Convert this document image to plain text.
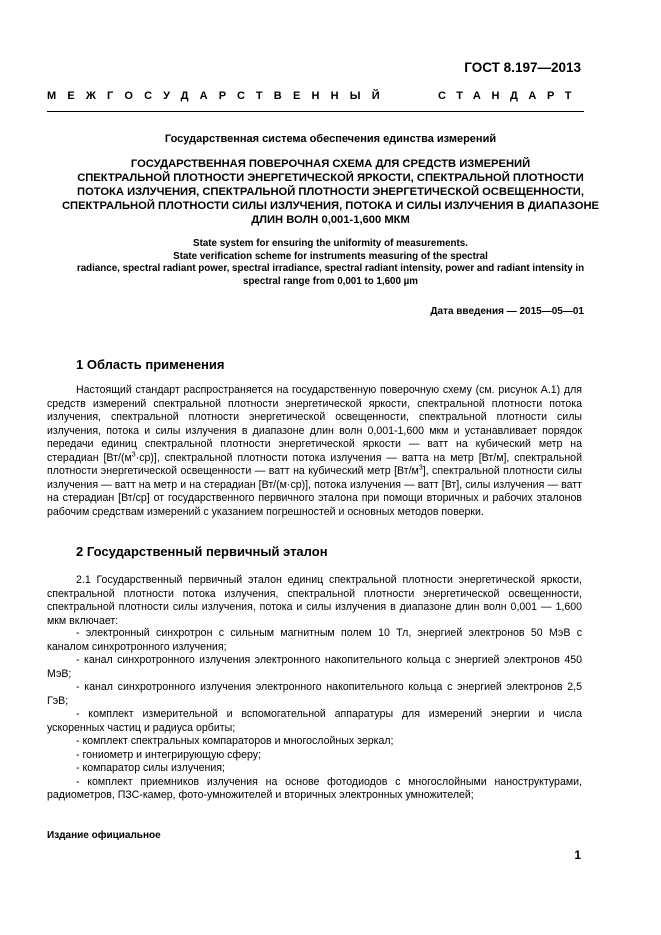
ГОСТ 8.197—2013
МЕЖГОСУДАРСТВЕННЫЙ	СТАНДАРТ
Государственная система обеспечения единства измерений
ГОСУДАРСТВЕННАЯ ПОВЕРОЧНАЯ СХЕМА ДЛЯ СРЕДСТВ ИЗМЕРЕНИЙ
СПЕКТРАЛЬНОЙ ПЛОТНОСТИ ЭНЕРГЕТИЧЕСКОЙ ЯРКОСТИ, СПЕКТРАЛЬНОЙ ПЛОТНОСТИ
ПОТОКА ИЗЛУЧЕНИЯ, СПЕКТРАЛЬНОЙ ПЛОТНОСТИ ЭНЕРГЕТИЧЕСКОЙ ОСВЕЩЕННОСТИ,
СПЕКТРАЛЬНОЙ ПЛОТНОСТИ СИЛЫ ИЗЛУЧЕНИЯ, ПОТОКА И СИЛЫ ИЗЛУЧЕНИЯ В ДИАПАЗОНЕ
ДЛИН ВОЛН 0,001-1,600 МКМ
State system for ensuring the uniformity of measurements.
State verification scheme for instruments measuring of the spectral
radiance, spectral radiant power, spectral irradiance, spectral radiant intensity, power and radiant intensity in
spectral range from 0,001 to 1,600 µm
Дата введения — 2015—05—01
1 Область применения
Настоящий стандарт распространяется на государственную поверочную схему (см. рисунок А.1) для средств измерений спектральной плотности энергетической яркости, спектральной плотности потока излучения, спектральной плотности энергетической освещенности, спектральной плотности силы излучения, потока и силы излучения в диапазоне длин волн 0,001-1,600 мкм и устанавливает порядок передачи единиц спектральной плотности энергетической яркости — ватт на кубический метр на стерадиан $[Вт/(м^3\cdot ср)]$, спектральной плотности потока излучения — ватта на метр [Вт/м], спектральной плотности энергетической освещенности — ватт на кубический метр $[Вт/м^3]$, спектральной плотности силы излучения — ватт на метр и на стерадиан [Вт/(м·ср)], потока излучения — ватт [Вт], силы излучения — ватт на стерадиан [Вт/ср] от государственного первичного эталона при помощи вторичных и рабочих эталонов рабочим средствам измерений с указанием погрешностей и основных методов поверки.
2 Государственный первичный эталон
2.1 Государственный первичный эталон единиц спектральной плотности энергетической яркости, спектральной плотности потока излучения, спектральной плотности энергетической освещенности, спектральной плотности силы излучения, потока и силы излучения в диапазоне длин волн 0,001 — 1,600 мкм включает:
- электронный синхротрон с сильным магнитным полем 10 Тл, энергией электронов 50 МэВ с каналом синхротронного излучения;
- канал синхротронного излучения электронного накопительного кольца с энергией электронов 450 МэВ;
- канал синхротронного излучения электронного накопительного кольца с энергией электронов 2,5 ГэВ;
- комплект измерительной и вспомогательной аппаратуры для измерений энергии и числа ускоренных частиц и радиуса орбиты;
- комплект спектральных компараторов и многослойных зеркал;
- гониометр и интегрирующую сферу;
- компаратор силы излучения;
- комплект приемников излучения на основе фотодиодов с многослойными наноструктурами, радиометров, ПЗС-камер, фото-умножителей и вторичных электронных умножителей;
Издание официальное
1
